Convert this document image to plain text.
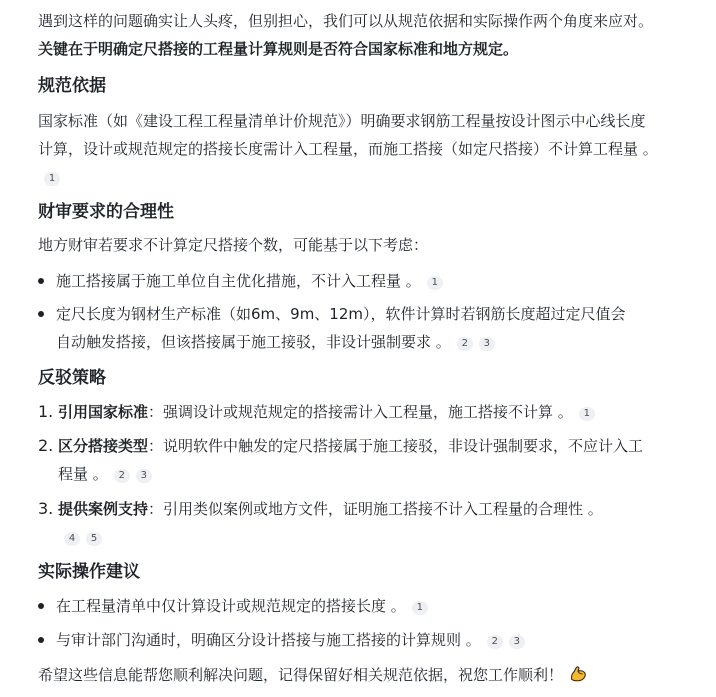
遇到这样的问题确实让人头疼，但别担心，我们可以从规范依据和实际操作两个角度来应对。关键在于明确定尺搭接的工程量计算规则是否符合国家标准和地方规定。

规范依据

国家标准（如《建设工程工程量清单计价规范》）明确要求钢筋工程量按设计图示中心线长度计算，设计或规范规定的搭接长度需计入工程量，而施工搭接（如定尺搭接）不计算工程量 。1

财审要求的合理性

地方财审若要求不计算定尺搭接个数，可能基于以下考虑：

施工搭接属于施工单位自主优化措施，不计入工程量 。 1
定尺长度为钢材生产标准（如6m、9m、12m），软件计算时若钢筋长度超过定尺值会自动触发搭接，但该搭接属于施工接驳，非设计强制要求 。 2 3
反驳策略
1. 引用国家标准：强调设计或规范规定的搭接需计入工程量，施工搭接不计算 。 1
2. 区分搭接类型：说明软件中触发的定尺搭接属于施工接驳，非设计强制要求，不应计入工程量 。 2 3
3. 提供案例支持：引用类似案例或地方文件，证明施工搭接不计入工程量的合理性 。
4 5
实际操作建议
在工程量清单中仅计算设计或规范规定的搭接长度 。 1
与审计部门沟通时，明确区分设计搭接与施工搭接的计算规则 。 2 3

希望这些信息能帮您顺利解决问题，记得保留好相关规范依据，祝您工作顺利！
